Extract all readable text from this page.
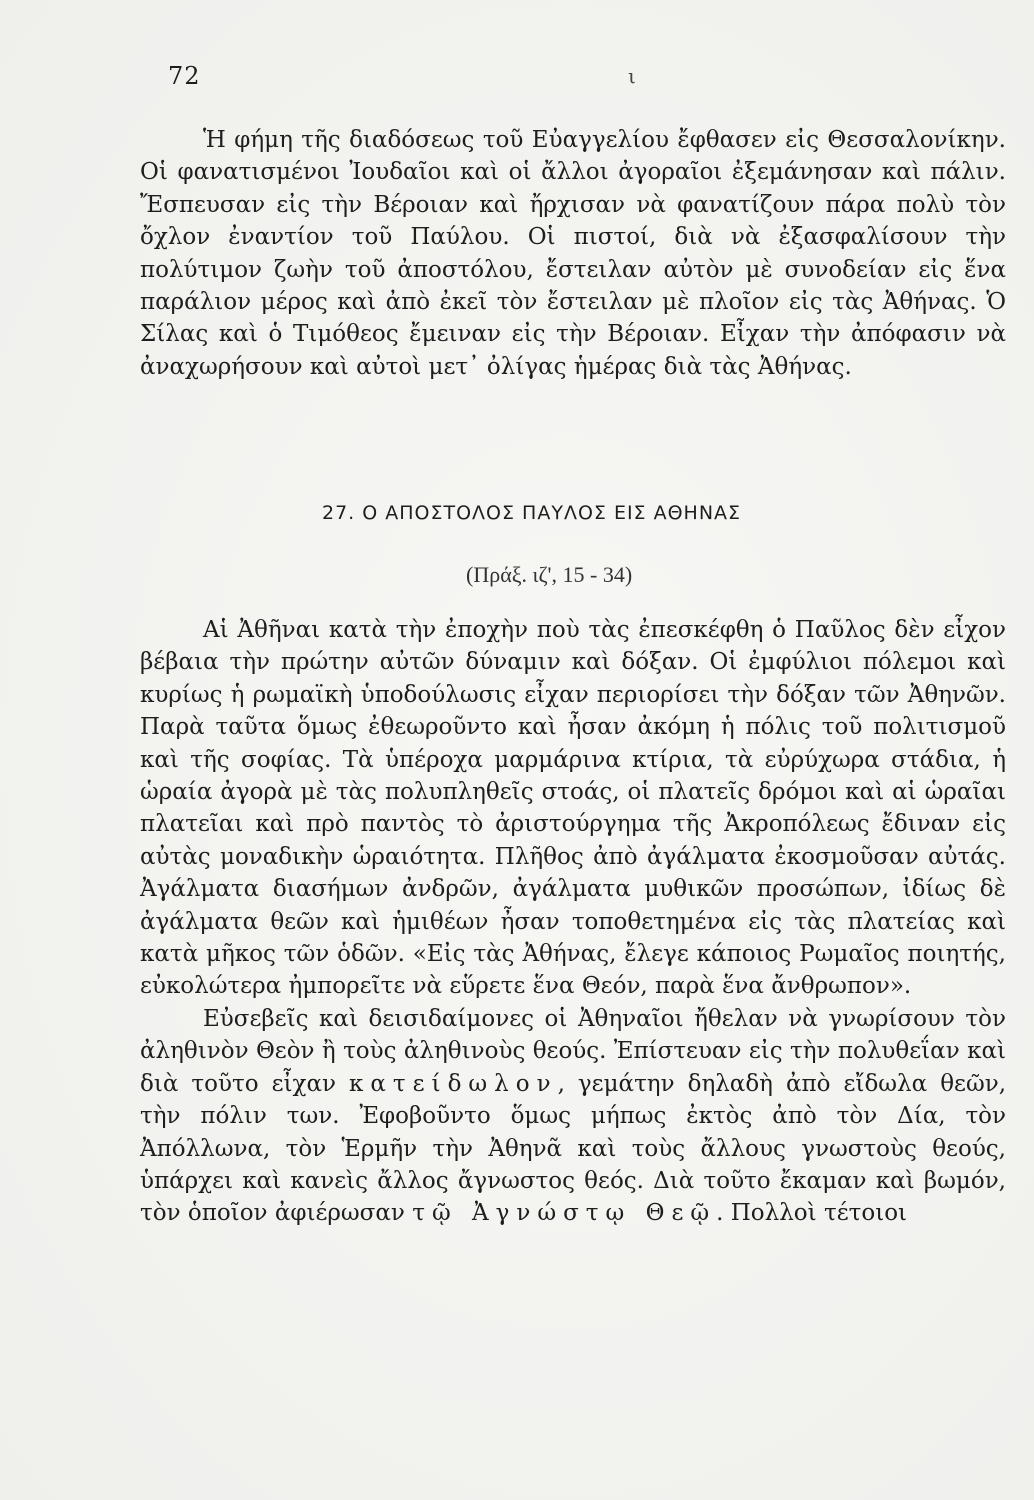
72	ι

Ἡ φήμη τῆς διαδόσεως τοῦ Εὐαγγελίου ἔφθασεν εἰς Θεσσαλονίκην. Οἱ φανατισμένοι Ἰουδαῖοι καὶ οἱ ἄλλοι ἀγοραῖοι ἐξεμάνησαν καὶ πάλιν. Ἔσπευσαν εἰς τὴν Βέροιαν καὶ ἤρχισαν νὰ φανατίζουν πάρα πολὺ τὸν ὄχλον ἐναντίον τοῦ Παύλου. Οἱ πιστοί, διὰ νὰ ἐξασφαλίσουν τὴν πολύτιμον ζωὴν τοῦ ἀποστόλου, ἔστειλαν αὐτὸν μὲ συνοδείαν εἰς ἕνα παράλιον μέρος καὶ ἀπὸ ἐκεῖ τὸν ἔστειλαν μὲ πλοῖον εἰς τὰς Ἀθήνας. Ὁ Σίλας καὶ ὁ Τιμόθεος ἔμειναν εἰς τὴν Βέροιαν. Εἶχαν τὴν ἀπόφασιν νὰ ἀναχωρήσουν καὶ αὐτοὶ μετ᾽ ὀλίγας ἡμέρας διὰ τὰς Ἀθήνας.

27. Ο ΑΠΟΣΤΟΛΟΣ ΠΑΥΛΟΣ ΕΙΣ ΑΘΗΝΑΣ
(Πράξ. ιζ', 15 - 34)

Αἱ Ἀθῆναι κατὰ τὴν ἐποχὴν ποὺ τὰς ἐπεσκέφθη ὁ Παῦλος δὲν εἶχον βέβαια τὴν πρώτην αὐτῶν δύναμιν καὶ δόξαν. Οἱ ἐμφύλιοι πόλεμοι καὶ κυρίως ἡ ρωμαϊκὴ ὑποδούλωσις εἶχαν περιορίσει τὴν δόξαν τῶν Ἀθηνῶν. Παρὰ ταῦτα ὅμως ἐθεωροῦντο καὶ ἦσαν ἀκόμη ἡ πόλις τοῦ πολιτισμοῦ καὶ τῆς σοφίας. Τὰ ὑπέροχα μαρμάρινα κτίρια, τὰ εὐρύχωρα στάδια, ἡ ὡραία ἀγορὰ μὲ τὰς πολυπληθεῖς στοάς, οἱ πλατεῖς δρόμοι καὶ αἱ ὡραῖαι πλατεῖαι καὶ πρὸ παντὸς τὸ ἀριστούργημα τῆς Ἀκροπόλεως ἔδιναν εἰς αὐτὰς μοναδικὴν ὡραιότητα. Πλῆθος ἀπὸ ἀγάλματα ἐκοσμοῦσαν αὐτάς. Ἀγάλματα διασήμων ἀνδρῶν, ἀγάλματα μυθικῶν προσώπων, ἰδίως δὲ ἀγάλματα θεῶν καὶ ἡμιθέων ἦσαν τοποθετημένα εἰς τὰς πλατείας καὶ κατὰ μῆκος τῶν ὁδῶν. «Εἰς τὰς Ἀθήνας, ἔλεγε κάποιος Ρωμαῖος ποιητής, εὐκολώτερα ἠμπορεῖτε νὰ εὕρετε ἕνα Θεόν, παρὰ ἕνα ἄνθρωπον».

Εὐσεβεῖς καὶ δεισιδαίμονες οἱ Ἀθηναῖοι ἤθελαν νὰ γνωρίσουν τὸν ἀληθινὸν Θεὸν ἢ τοὺς ἀληθινοὺς θεούς. Ἐπίστευαν εἰς τὴν πολυθεΐαν καὶ διὰ τοῦτο εἶχαν κατείδωλον, γεμάτην δηλαδὴ ἀπὸ εἴδωλα θεῶν, τὴν πόλιν των. Ἐφοβοῦντο ὅμως μήπως ἐκτὸς ἀπὸ τὸν Δία, τὸν Ἀπόλλωνα, τὸν Ἑρμῆν τὴν Ἀθηνᾶ καὶ τοὺς ἄλλους γνωστοὺς θεούς, ὑπάρχει καὶ κανεὶς ἄλλος ἄγνωστος θεός. Διὰ τοῦτο ἔκαμαν καὶ βωμόν, τὸν ὁποῖον ἀφιέρωσαν τῷ Ἀγνώστῳ Θεῷ. Πολλοὶ τέτοιοι
